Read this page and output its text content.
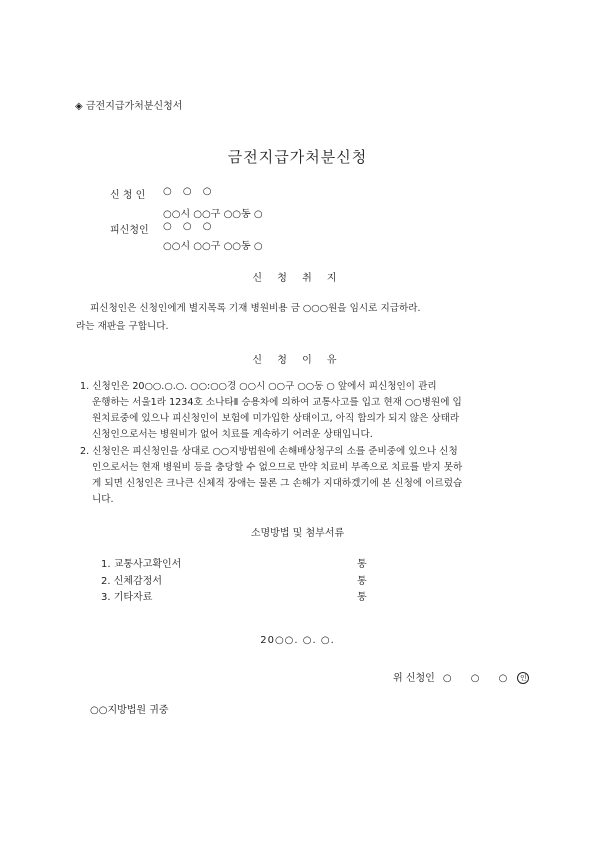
◈ 금전지급가처분신청서
금전지급가처분신청
신 청 인 ○ ○ ○
○○시 ○○구 ○○동 ○
피신청인 ○ ○ ○
○○시 ○○구 ○○동 ○
신 청 취 지
피신청인은 신청인에게 별지목록 기재 병원비용 금 ○○○원을 임시로 지급하라.
라는 재판을 구합니다.
신 청 이 유
1. 신청인은 20○○.○.○. ○○:○○경 ○○시 ○○구 ○○동 ○ 앞에서 피신청인이 관리
운행하는 서울1라 1234호 소나타Ⅱ 승용차에 의하여 교통사고를 입고 현재 ○○병원에 입
원치료중에 있으나 피신청인이 보험에 미가입한 상태이고, 아직 합의가 되지 않은 상태라
신청인으로서는 병원비가 없어 치료를 계속하기 어려운 상태입니다.
2. 신청인은 피신청인을 상대로 ○○지방법원에 손해배상청구의 소를 준비중에 있으나 신청
인으로서는 현재 병원비 등을 충당할 수 없으므로 만약 치료비 부족으로 치료를 받지 못하
게 되면 신청인은 크나큰 신체적 장애는 물론 그 손해가 지대하겠기에 본 신청에 이르렀습
니다.
소명방법 및 첨부서류
1. 교통사고확인서	통
2. 신체감정서	통
3. 기타자료	통
20○○. ○. ○.
위 신청인 ○ ○ ○ 인
○○지방법원 귀중
